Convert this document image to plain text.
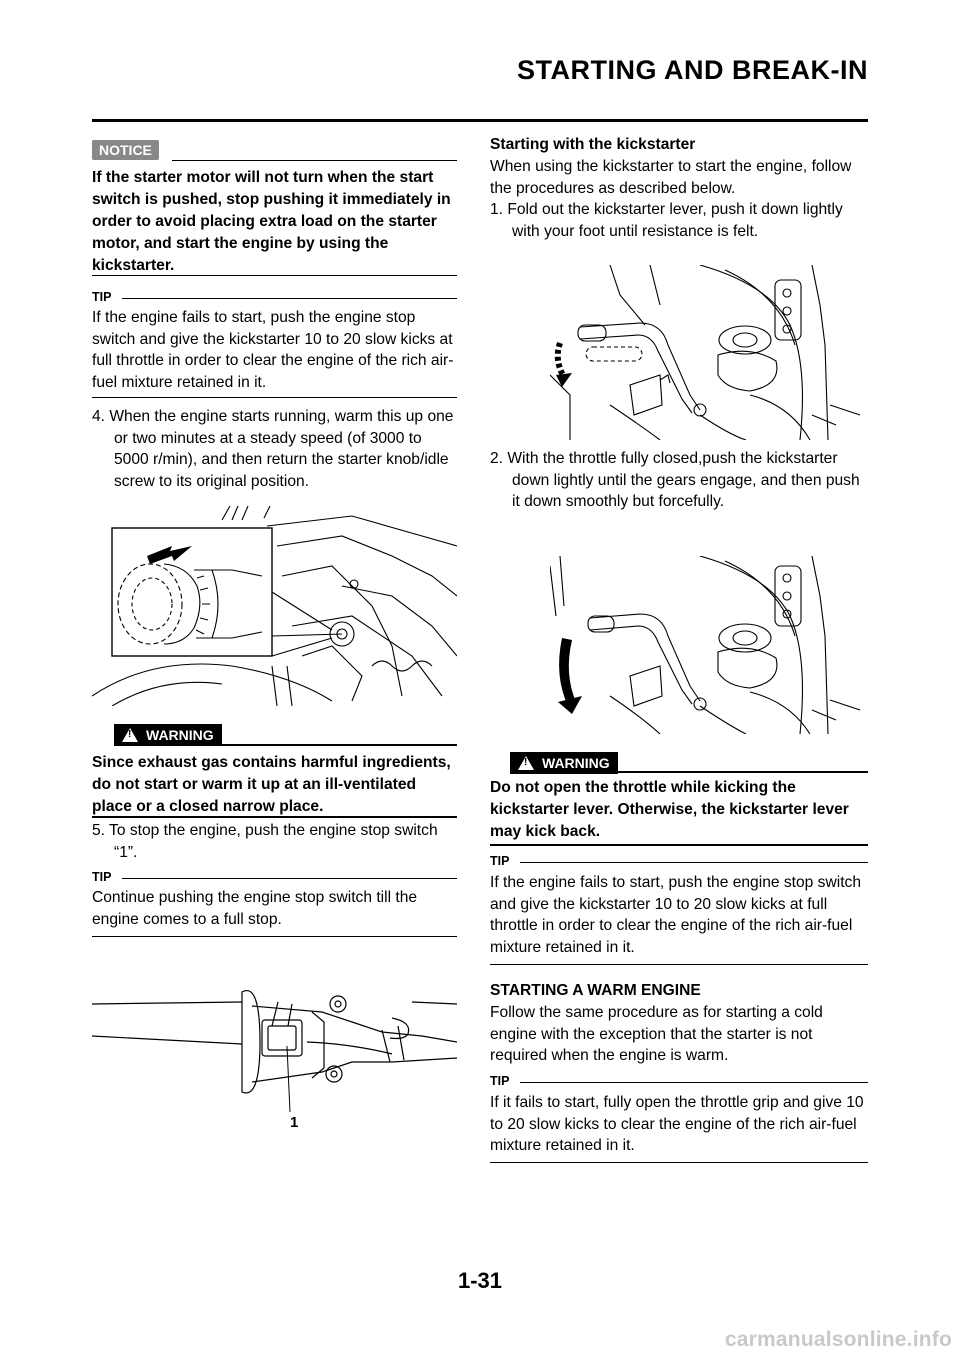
STARTING AND BREAK-IN
NOTICE

If the starter motor will not turn when the start switch is pushed, stop pushing it immediately in order to avoid placing extra load on the starter motor, and start the engine by using the kickstarter.

TIP

If the engine fails to start, push the engine stop switch and give the kickstarter 10 to 20 slow kicks at full throttle in order to clear the engine of the rich air-fuel mixture retained in it.

4. When the engine starts running, warm this up one or two minutes at a steady speed (of 3000 to 5000 r/min), and then return the starter knob/idle screw to its original position.

!
WARNING

Since exhaust gas contains harmful ingredients, do not start or warm it up at an ill-ventilated place or a closed narrow place.

5. To stop the engine, push the engine stop switch “1”.

TIP

Continue pushing the engine stop switch till the engine comes to a full stop.

1

Starting with the kickstarter

When using the kickstarter to start the engine, follow the procedures as described below.

1. Fold out the kickstarter lever, push it down lightly with your foot until resistance is felt.

2. With the throttle fully closed,push the kickstarter down lightly until the gears engage, and then push it down smoothly but forcefully.

!
WARNING

Do not open the throttle while kicking the kickstarter lever. Otherwise, the kickstarter lever may kick back.

TIP

If the engine fails to start, push the engine stop switch and give the kickstarter 10 to 20 slow kicks at full throttle in order to clear the engine of the rich air-fuel mixture retained in it.

STARTING A WARM ENGINE

Follow the same procedure as for starting a cold engine with the exception that the starter is not required when the engine is warm.

TIP

If it fails to start, fully open the throttle grip and give 10 to 20 slow kicks to clear the engine of the rich air-fuel mixture retained in it.

1-31
carmanualsonline.info
